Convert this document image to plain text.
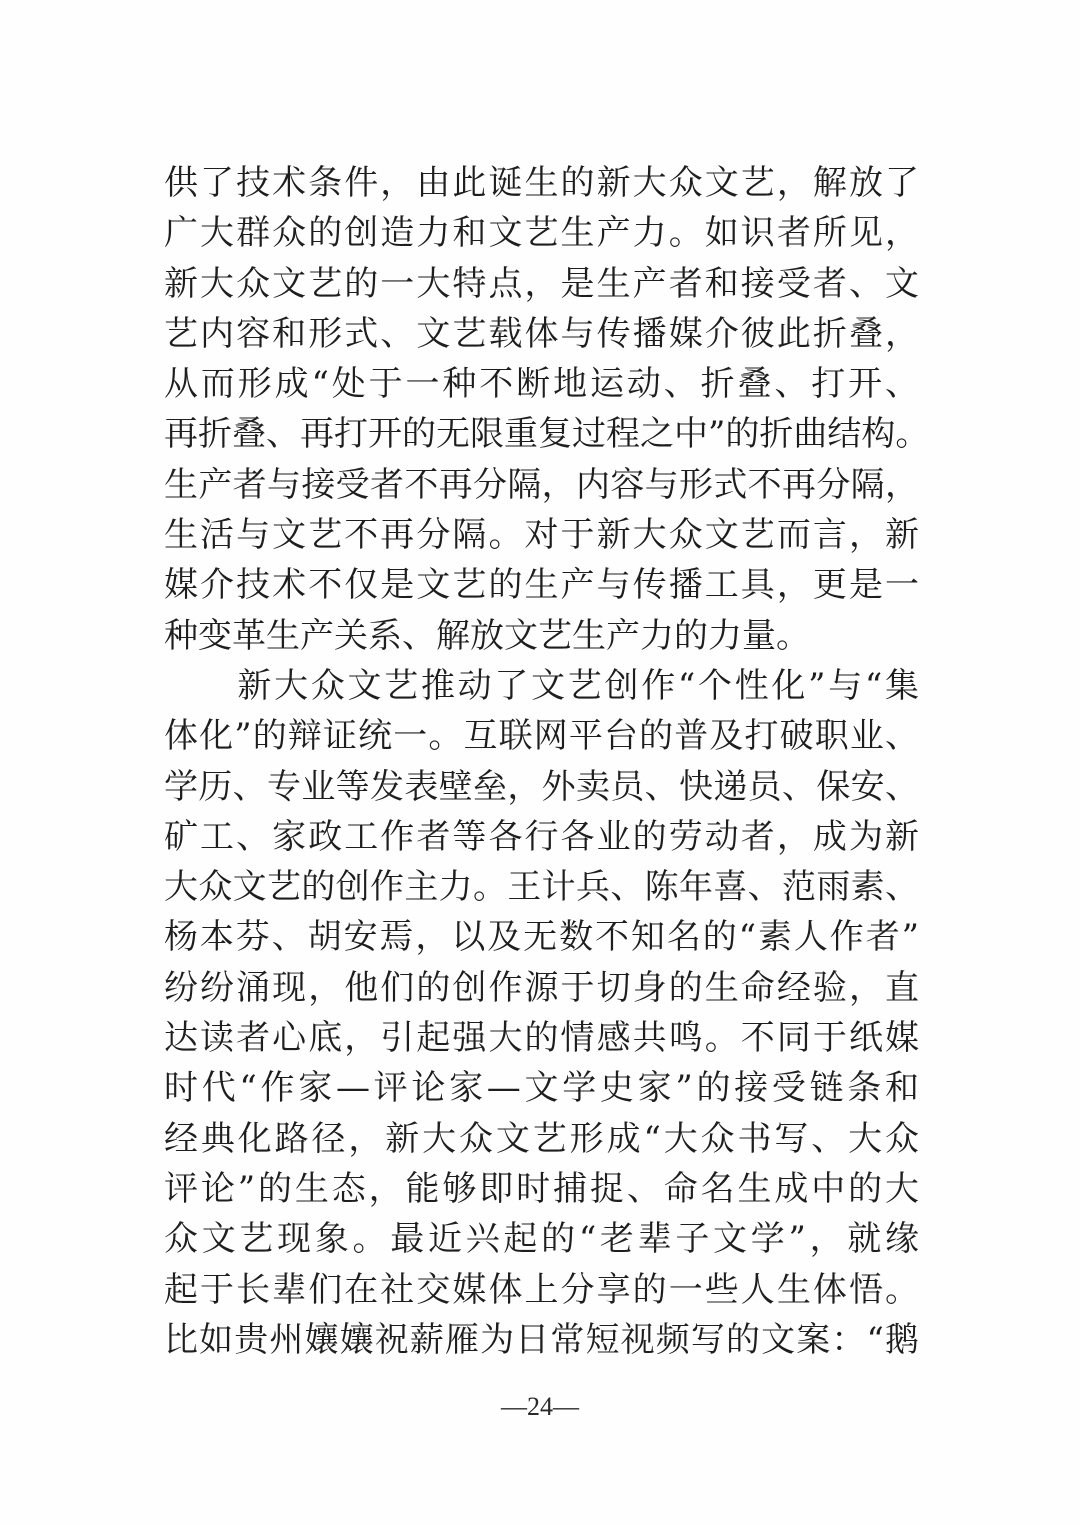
供了技术条件，由此诞生的新大众文艺，解放了
广大群众的创造力和文艺生产力。如识者所见，
新大众文艺的一大特点，是生产者和接受者、文
艺内容和形式、文艺载体与传播媒介彼此折叠，
从而形成“处于一种不断地运动、折叠、打开、
再折叠、再打开的无限重复过程之中”的折曲结构。
生产者与接受者不再分隔，内容与形式不再分隔，
生活与文艺不再分隔。对于新大众文艺而言，新
媒介技术不仅是文艺的生产与传播工具，更是一
种变革生产关系、解放文艺生产力的力量。
　　新大众文艺推动了文艺创作“个性化”与“集
体化”的辩证统一。互联网平台的普及打破职业、
学历、专业等发表壁垒，外卖员、快递员、保安、
矿工、家政工作者等各行各业的劳动者，成为新
大众文艺的创作主力。王计兵、陈年喜、范雨素、
杨本芬、胡安焉，以及无数不知名的“素人作者”
纷纷涌现，他们的创作源于切身的生命经验，直
达读者心底，引起强大的情感共鸣。不同于纸媒
时代“作家—评论家—文学史家”的接受链条和
经典化路径，新大众文艺形成“大众书写、大众
评论”的生态，能够即时捕捉、命名生成中的大
众文艺现象。最近兴起的“老辈子文学”，就缘
起于长辈们在社交媒体上分享的一些人生体悟。
比如贵州孃孃祝薪雁为日常短视频写的文案：“鹅
—24—
